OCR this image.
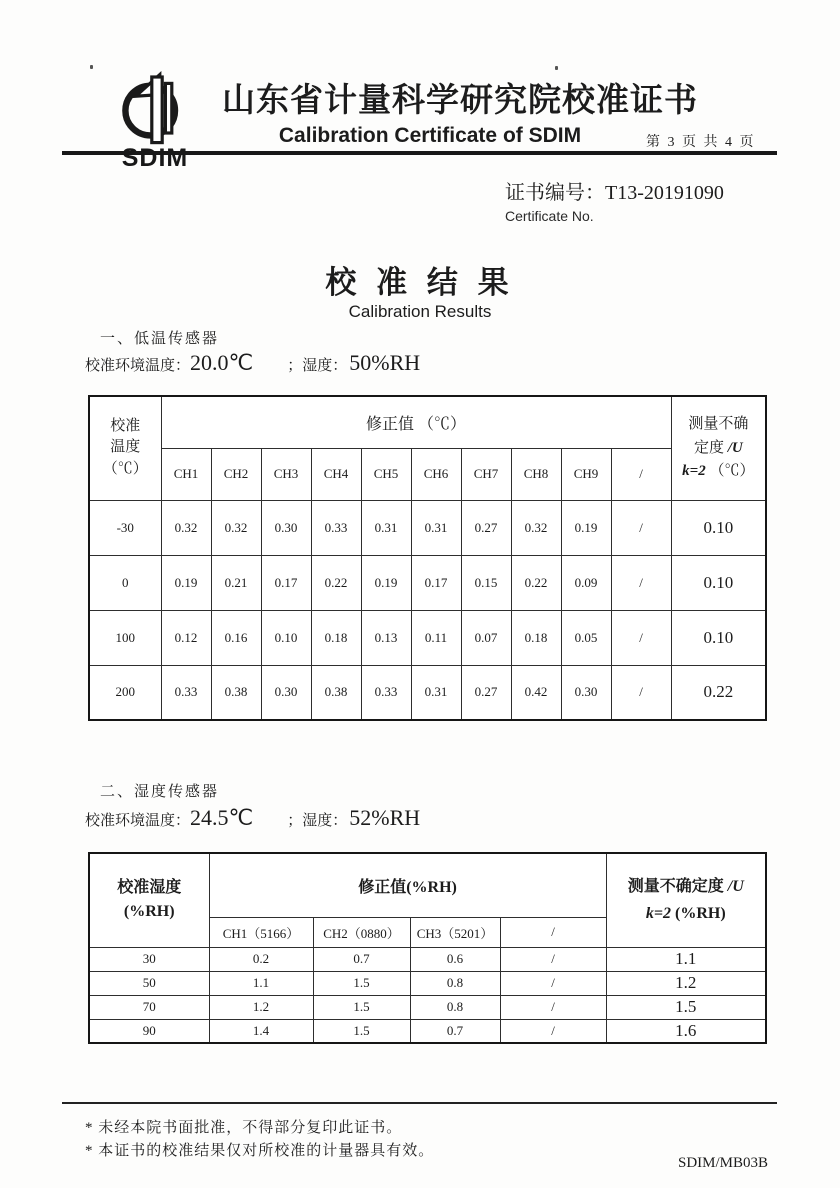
SDIM
山东省计量科学研究院校准证书
Calibration Certificate of SDIM	第 3 页 共 4 页
证书编号：T13-20191090
Certificate No.
校 准 结 果
Calibration Results
一、低温传感器
校准环境温度：20.0℃ ；湿度：50%RH
校准
温度
（℃）	修正值 （℃）										测量不确
定度 /U
k=2 （℃）
	CH1	CH2	CH3	CH4	CH5	CH6	CH7	CH8	CH9	/	
-30	0.32	0.32	0.30	0.33	0.31	0.31	0.27	0.32	0.19	/	0.10
0	0.19	0.21	0.17	0.22	0.19	0.17	0.15	0.22	0.09	/	0.10
100	0.12	0.16	0.10	0.18	0.13	0.11	0.07	0.18	0.05	/	0.10
200	0.33	0.38	0.30	0.38	0.33	0.31	0.27	0.42	0.30	/	0.22
二、湿度传感器
校准环境温度：24.5℃ ；湿度：52%RH
校准湿度
(%RH)	修正值(%RH)				测量不确定度 /U
k=2 (%RH)
	CH1（5166）	CH2（0880）	CH3（5201）	/	
30	0.2	0.7	0.6	/	1.1
50	1.1	1.5	0.8	/	1.2
70	1.2	1.5	0.8	/	1.5
90	1.4	1.5	0.7	/	1.6
* 未经本院书面批准，不得部分复印此证书。
* 本证书的校准结果仅对所校准的计量器具有效。
SDIM/MB03B
